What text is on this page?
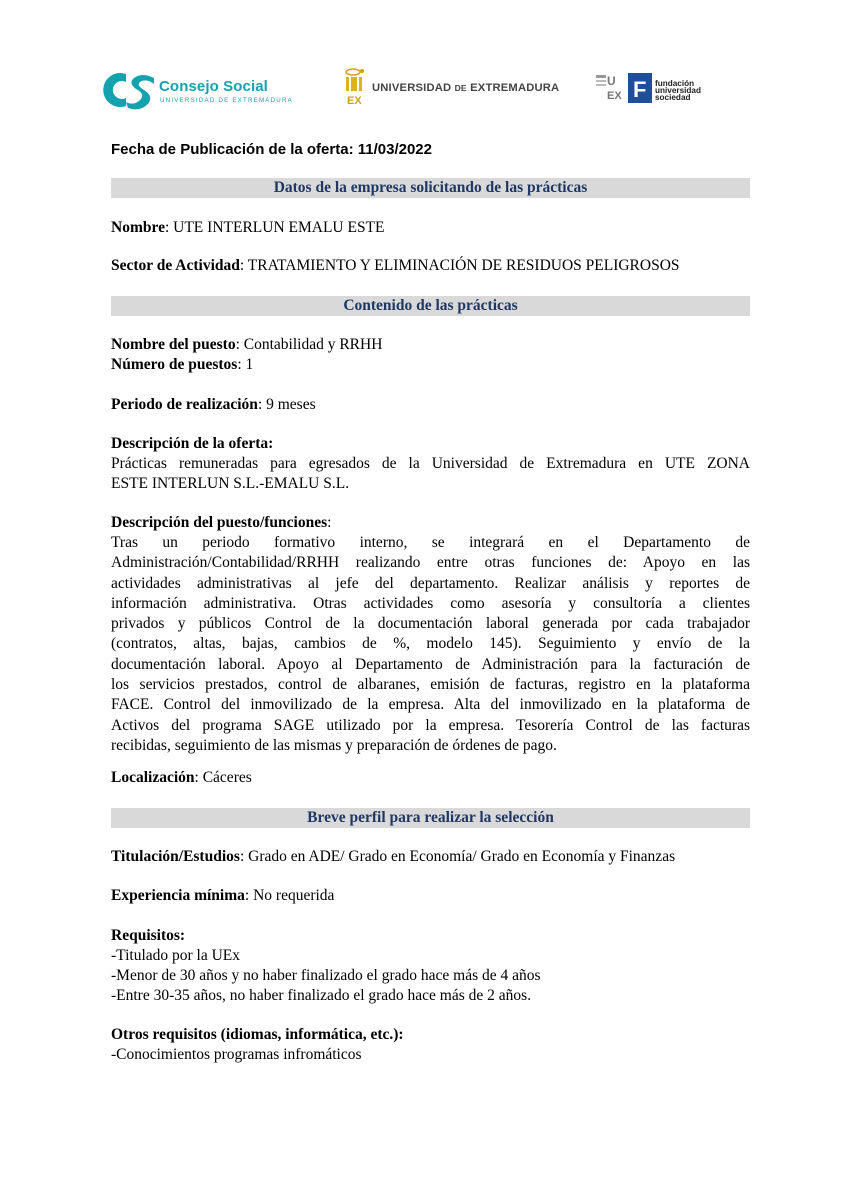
Consejo Social
UNIVERSIDAD DE EXTREMADURA	EX
UNIVERSIDAD DE EXTREMADURA	U
EX F fundación
universidad
sociedad
Fecha de Publicación de la oferta: 11/03/2022
Datos de la empresa solicitando de las prácticas
Nombre: UTE INTERLUN EMALU ESTE
Sector de Actividad: TRATAMIENTO Y ELIMINACIÓN DE RESIDUOS PELIGROSOS
Contenido de las prácticas
Nombre del puesto: Contabilidad y RRHH
Número de puestos: 1
Periodo de realización: 9 meses
Descripción de la oferta:
Prácticas remuneradas para egresados de la Universidad de Extremadura en UTE ZONA
ESTE INTERLUN S.L.-EMALU S.L.
Descripción del puesto/funciones:
Tras un periodo formativo interno, se integrará en el Departamento de
Administración/Contabilidad/RRHH realizando entre otras funciones de: Apoyo en las
actividades administrativas al jefe del departamento. Realizar análisis y reportes de
información administrativa. Otras actividades como asesoría y consultoría a clientes
privados y públicos Control de la documentación laboral generada por cada trabajador
(contratos, altas, bajas, cambios de %, modelo 145). Seguimiento y envío de la
documentación laboral. Apoyo al Departamento de Administración para la facturación de
los servicios prestados, control de albaranes, emisión de facturas, registro en la plataforma
FACE. Control del inmovilizado de la empresa. Alta del inmovilizado en la plataforma de
Activos del programa SAGE utilizado por la empresa. Tesorería Control de las facturas
recibidas, seguimiento de las mismas y preparación de órdenes de pago.
Localización: Cáceres
Breve perfil para realizar la selección
Titulación/Estudios: Grado en ADE/ Grado en Economía/ Grado en Economía y Finanzas
Experiencia mínima: No requerida
Requisitos:
-Titulado por la UEx
-Menor de 30 años y no haber finalizado el grado hace más de 4 años
-Entre 30-35 años, no haber finalizado el grado hace más de 2 años.
Otros requisitos (idiomas, informática, etc.):
-Conocimientos programas infromáticos
